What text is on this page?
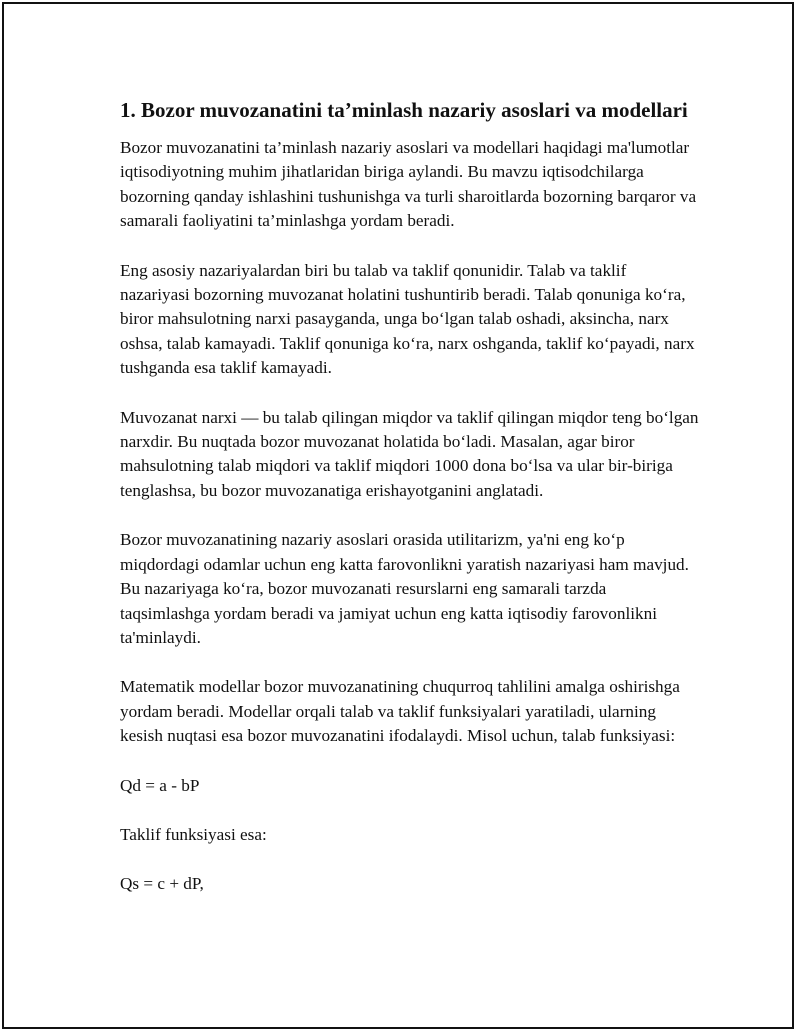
1. Bozor muvozanatini ta’minlash nazariy asoslari va modellari

Bozor muvozanatini ta’minlash nazariy asoslari va modellari haqidagi ma'lumotlar iqtisodiyotning muhim jihatlaridan biriga aylandi. Bu mavzu iqtisodchilarga bozorning qanday ishlashini tushunishga va turli sharoitlarda bozorning barqaror va samarali faoliyatini ta’minlashga yordam beradi.

Eng asosiy nazariyalardan biri bu talab va taklif qonunidir. Talab va taklif nazariyasi bozorning muvozanat holatini tushuntirib beradi. Talab qonuniga ko‘ra, biror mahsulotning narxi pasayganda, unga bo‘lgan talab oshadi, aksincha, narx oshsa, talab kamayadi. Taklif qonuniga ko‘ra, narx oshganda, taklif ko‘payadi, narx tushganda esa taklif kamayadi.

Muvozanat narxi — bu talab qilingan miqdor va taklif qilingan miqdor teng bo‘lgan narxdir. Bu nuqtada bozor muvozanat holatida bo‘ladi. Masalan, agar biror mahsulotning talab miqdori va taklif miqdori 1000 dona bo‘lsa va ular bir-biriga tenglashsa, bu bozor muvozanatiga erishayotganini anglatadi.

Bozor muvozanatining nazariy asoslari orasida utilitarizm, ya'ni eng ko‘p miqdordagi odamlar uchun eng katta farovonlikni yaratish nazariyasi ham mavjud. Bu nazariyaga ko‘ra, bozor muvozanati resurslarni eng samarali tarzda taqsimlashga yordam beradi va jamiyat uchun eng katta iqtisodiy farovonlikni ta'minlaydi.

Matematik modellar bozor muvozanatining chuqurroq tahlilini amalga oshirishga yordam beradi. Modellar orqali talab va taklif funksiyalari yaratiladi, ularning kesish nuqtasi esa bozor muvozanatini ifodalaydi. Misol uchun, talab funksiyasi:

Qd = a - bP

Taklif funksiyasi esa:

Qs = c + dP,
